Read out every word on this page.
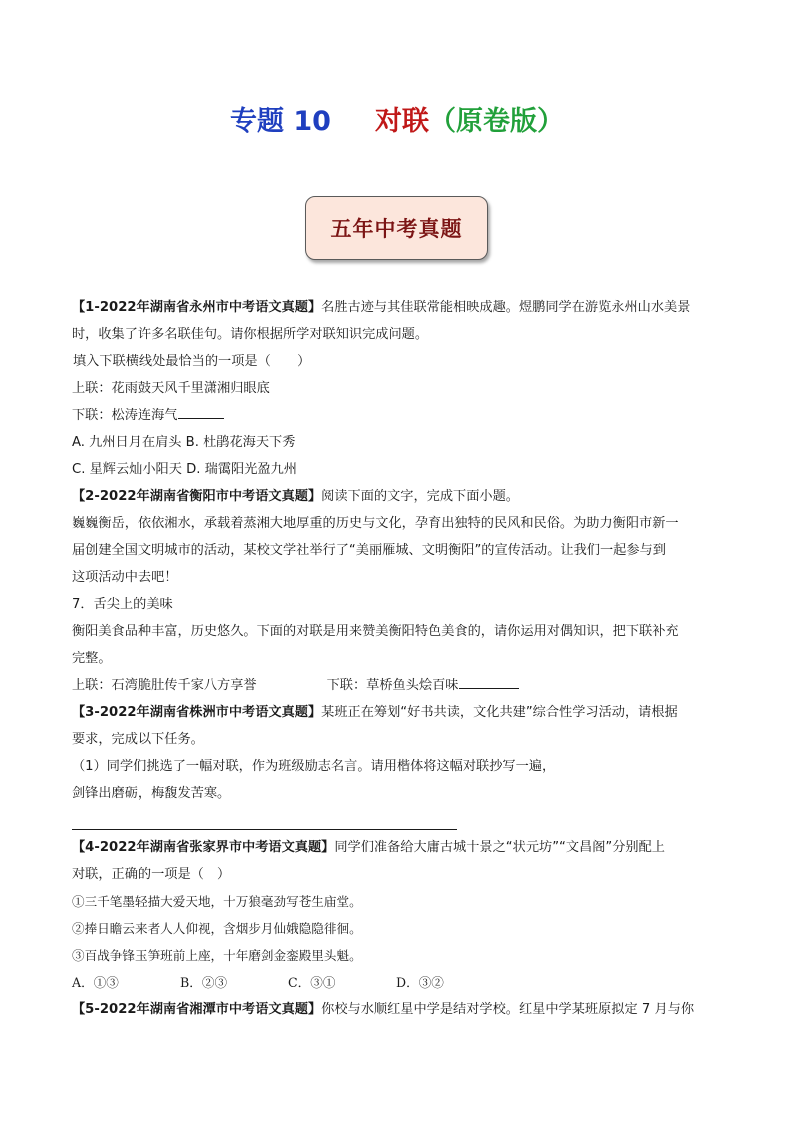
专题 10 对联（原卷版）
五年中考真题

【1-2022年湖南省永州市中考语文真题】名胜古迹与其佳联常能相映成趣。煜鹏同学在游览永州山水美景

时，收集了许多名联佳句。请你根据所学对联知识完成问题。

填入下联横线处最恰当的一项是（　　）

上联：花雨鼓天风千里潇湘归眼底

下联：松涛连海气

A. 九州日月在肩头 B. 杜鹃花海天下秀

C. 星辉云灿小阳天 D. 瑞霭阳光盈九州

【2-2022年湖南省衡阳市中考语文真题】阅读下面的文字，完成下面小题。

巍巍衡岳，依依湘水，承载着蒸湘大地厚重的历史与文化，孕育出独特的民风和民俗。为助力衡阳市新一

届创建全国文明城市的活动，某校文学社举行了“美丽雁城、文明衡阳”的宣传活动。让我们一起参与到

这项活动中去吧！

7．舌尖上的美味

衡阳美食品种丰富，历史悠久。下面的对联是用来赞美衡阳特色美食的，请你运用对偶知识，把下联补充

完整。

上联：石湾脆肚传千家八方享誉	下联：草桥鱼头烩百味

【3-2022年湖南省株洲市中考语文真题】某班正在筹划“好书共读，文化共建”综合性学习活动，请根据

要求，完成以下任务。

（1）同学们挑选了一幅对联，作为班级励志名言。请用楷体将这幅对联抄写一遍，

剑锋出磨砺，梅馥发苦寒。

【4-2022年湖南省张家界市中考语文真题】同学们准备给大庸古城十景之“状元坊”“文昌阁”分别配上

对联，正确的一项是（　）

①三千笔墨轻描大爱天地，十万狼毫劲写苍生庙堂。

②捧日瞻云来者人人仰视，含烟步月仙娥隐隐徘徊。

③百战争锋玉笋班前上座，十年磨剑金銮殿里头魁。

A．①③	B．②③	C．③①	D．③②

【5-2022年湖南省湘潭市中考语文真题】你校与水顺红星中学是结对学校。红星中学某班原拟定 7 月与你
